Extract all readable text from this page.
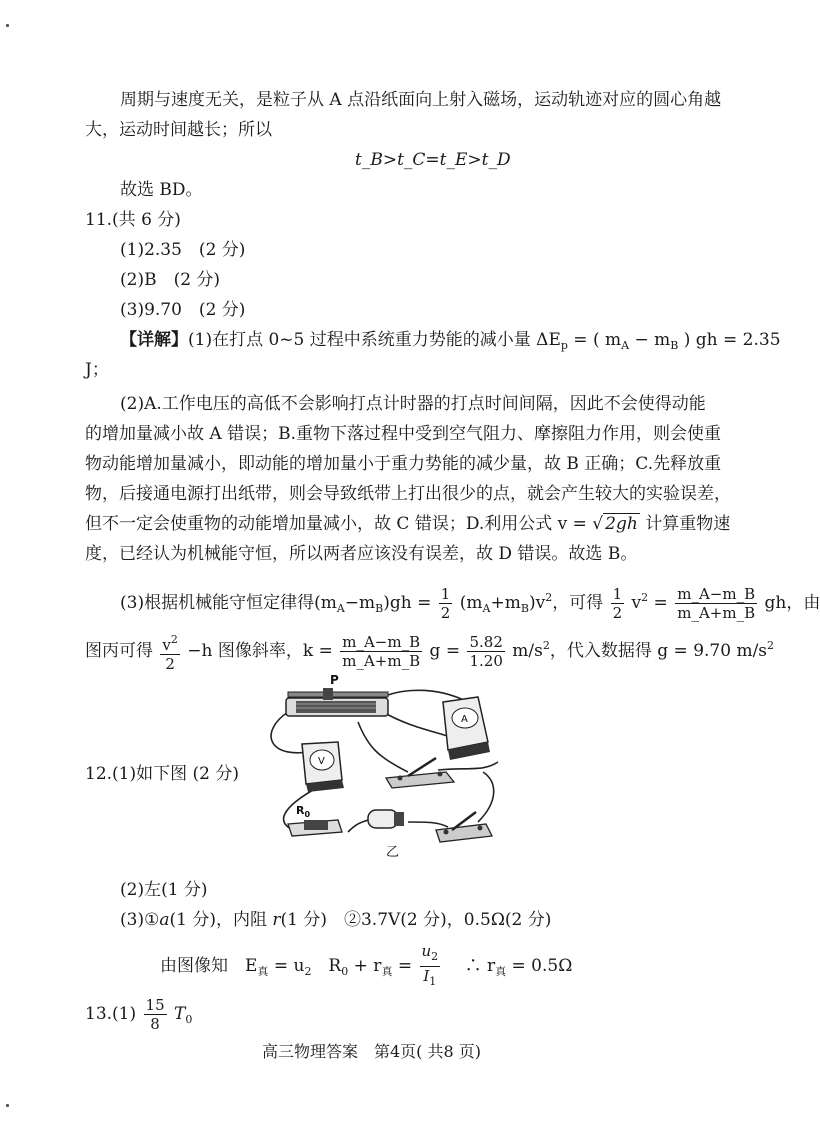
周期与速度无关，是粒子从 A 点沿纸面向上射入磁场，运动轨迹对应的圆心角越
大，运动时间越长；所以
t_B>t_C=t_E>t_D
故选 BD。
11.(共 6 分)
(1)2.35　(2 分)
(2)B　(2 分)
(3)9.70　(2 分)
【详解】(1)在打点 0~5 过程中系统重力势能的减小量 $\Delta E_p$ = ( $m_A - m_B$ ) gh = 2.35
J；
(2)A.工作电压的高低不会影响打点计时器的打点时间间隔，因此不会使得动能
的增加量减小故 A 错误；B.重物下落过程中受到空气阻力、摩擦阻力作用，则会使重
物动能增加量减小，即动能的增加量小于重力势能的减少量，故 B 正确；C.先释放重
物，后接通电源打出纸带，则会导致纸带上打出很少的点，就会产生较大的实验误差，
但不一定会使重物的动能增加量减小，故 C 错误；D.利用公式 v = √ 2gh 计算重物速
度，已经认为机械能守恒，所以两者应该没有误差，故 D 错误。故选 B。
(3)根据机械能守恒定律得$(m_A-m_B)gh = \frac{1}{2} (m_A+m_B)v^2$，可得 $\frac{1}{2} v^2 = \frac{m\_A-m\_B}{m\_A+m\_B}$ gh，由
图丙可得 $\frac{v^2}{2} -h$ 图像斜率，$k = \frac{m\_A-m\_B}{m\_A+m\_B}$ $g = \frac{5.82}{1.20} m/s^2$，代入数据得 g = 9.70 $m/s^2$
12.(1)如下图 (2 分)
P
A
V
$R_0$
乙
(2)左(1 分)
(3)①a(1 分)，内阻 r(1 分)　②3.7V(2 分)，0.5Ω(2 分)
由图像知　$E_真 = u_2$　$R_0 + r_真 = \frac{u_2}{I_1}$ 　∴ $r_真 = 0.5\Omega$
$13.(1) \frac{15}{8} T_0$
高三物理答案　第4页( 共8 页)
